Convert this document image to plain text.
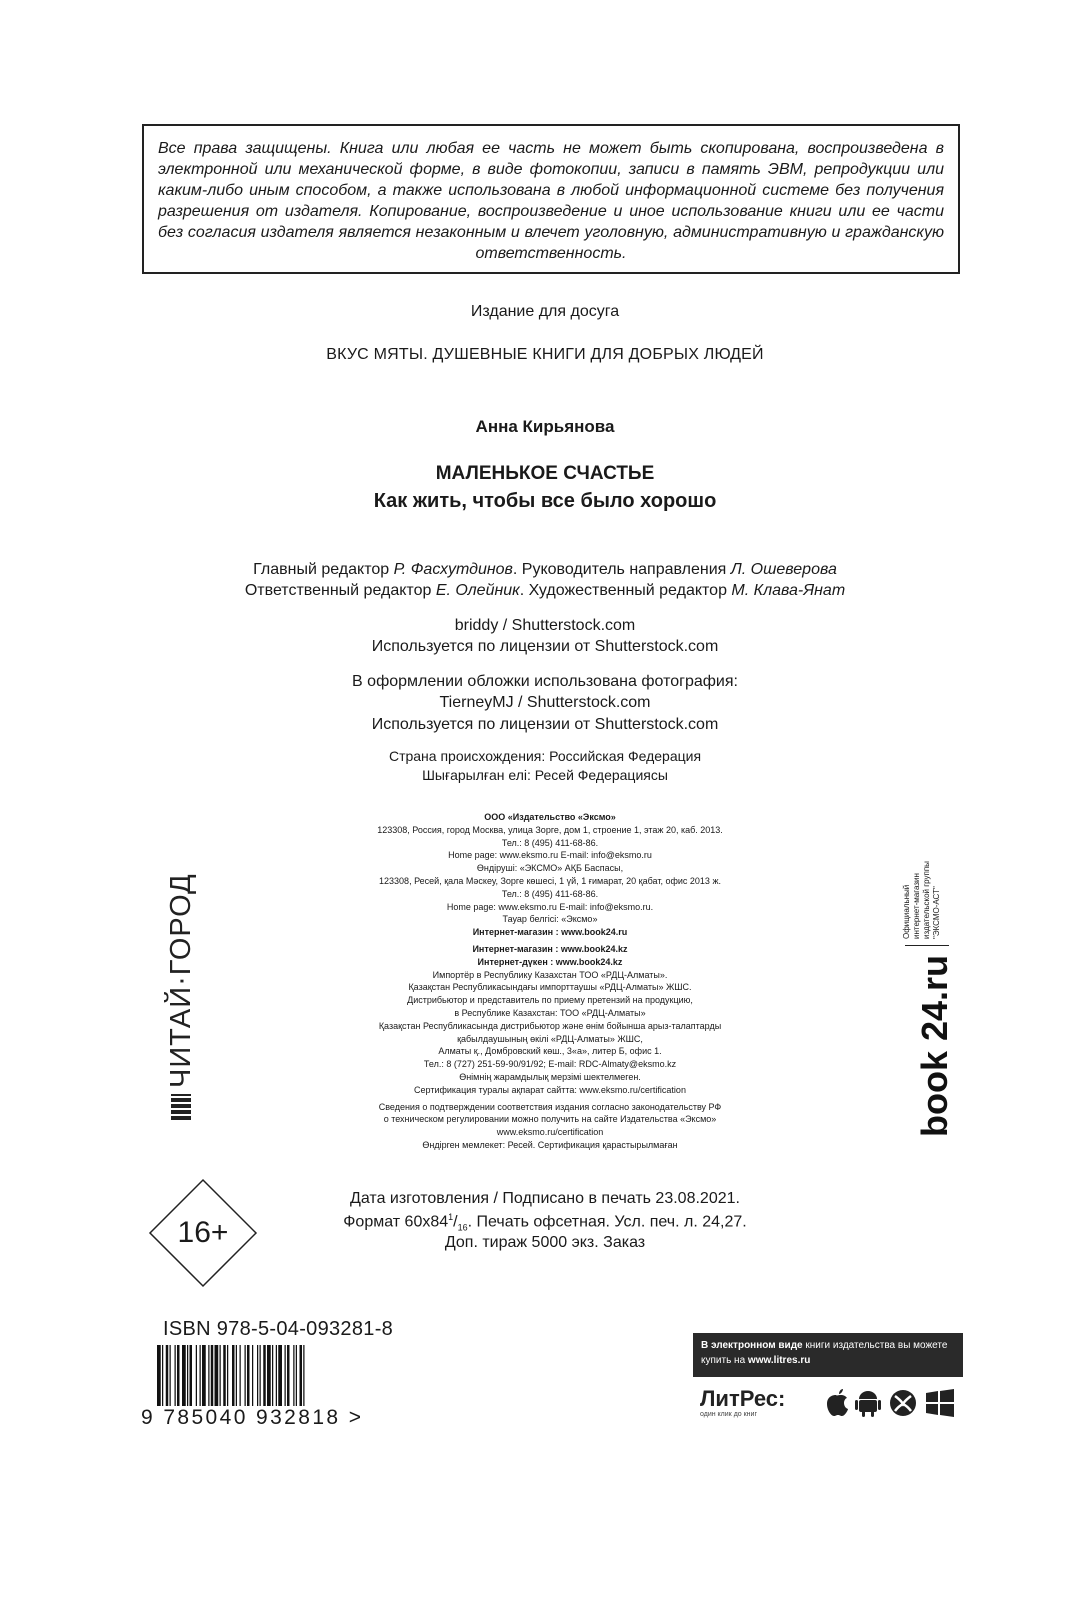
Все права защищены. Книга или любая ее часть не может быть скопирована, воспроизведена в электронной или механической форме, в виде фотокопии, записи в память ЭВМ, репродукции или каким-либо иным способом, а также использована в любой информационной системе без получения разрешения от издателя. Копирование, воспроизведение и иное использование книги или ее части без согласия издателя является незаконным и влечет уголовную, административную и гражданскую ответственность.

Издание для досуга
ВКУС МЯТЫ. ДУШЕВНЫЕ КНИГИ ДЛЯ ДОБРЫХ ЛЮДЕЙ
Анна Кирьянова
МАЛЕНЬКОЕ СЧАСТЬЕ
Как жить, чтобы все было хорошо
Главный редактор Р. Фасхутдинов. Руководитель направления Л. Ошеверова
Ответственный редактор Е. Олейник. Художественный редактор М. Клава-Янат
briddy / Shutterstock.com
Используется по лицензии от Shutterstock.com
В оформлении обложки использована фотография:
TierneyMJ / Shutterstock.com
Используется по лицензии от Shutterstock.com
Страна происхождения: Российская Федерация
Шығарылған елі: Ресей Федерациясы
ООО «Издательство «Эксмо»
123308, Россия, город Москва, улица Зорге, дом 1, строение 1, этаж 20, каб. 2013.
Тел.: 8 (495) 411-68-86.
Home page: www.eksmo.ru E-mail: info@eksmo.ru
Өндіруші: «ЭКСМО» АҚБ Баспасы,
123308, Ресей, қала Мәскеу, Зорге көшесі, 1 үй, 1 ғимарат, 20 қабат, офис 2013 ж.
Тел.: 8 (495) 411-68-86.
Home page: www.eksmo.ru E-mail: info@eksmo.ru.
Тауар белгісі: «Эксмо»
Интернет-магазин : www.book24.ru
Интернет-магазин : www.book24.kz
Интернет-дүкен : www.book24.kz
Импортёр в Республику Казахстан ТОО «РДЦ-Алматы».
Қазақстан Республикасындағы импорттаушы «РДЦ-Алматы» ЖШС.
Дистрибьютор и представитель по приему претензий на продукцию,
в Республике Казахстан: ТОО «РДЦ-Алматы»
Қазақстан Республикасында дистрибьютор және өнім бойынша арыз-талаптарды
қабылдаушының өкілі «РДЦ-Алматы» ЖШС,
Алматы қ., Домбровский көш., 3«а», литер Б, офис 1.
Тел.: 8 (727) 251-59-90/91/92; E-mail: RDC-Almaty@eksmo.kz
Өнімнің жарамдылық мерзімі шектелмеген.
Сертификация туралы ақпарат сайтта: www.eksmo.ru/certification
Сведения о подтверждении соответствия издания согласно законодательству РФ
о техническом регулировании можно получить на сайте Издательства «Эксмо»
www.eksmo.ru/certification
Өндірген мемлекет: Ресей. Сертификация қарастырылмаған
ЧИТАЙ·ГОРОД	Официальный интернет-магазин издательской группы "ЭКСМО-АСТ"
book 24.ru
16+
Дата изготовления / Подписано в печать 23.08.2021.
Формат $60x84^1/_{16}$. Печать офсетная. Усл. печ. л. 24,27.
Доп. тираж 5000 экз. Заказ
ISBN 978-5-04-093281-8
9 785040 932818 >
В электронном виде книги издательства вы можете
купить на www.litres.ru
ЛитРес:
один клик до книг
